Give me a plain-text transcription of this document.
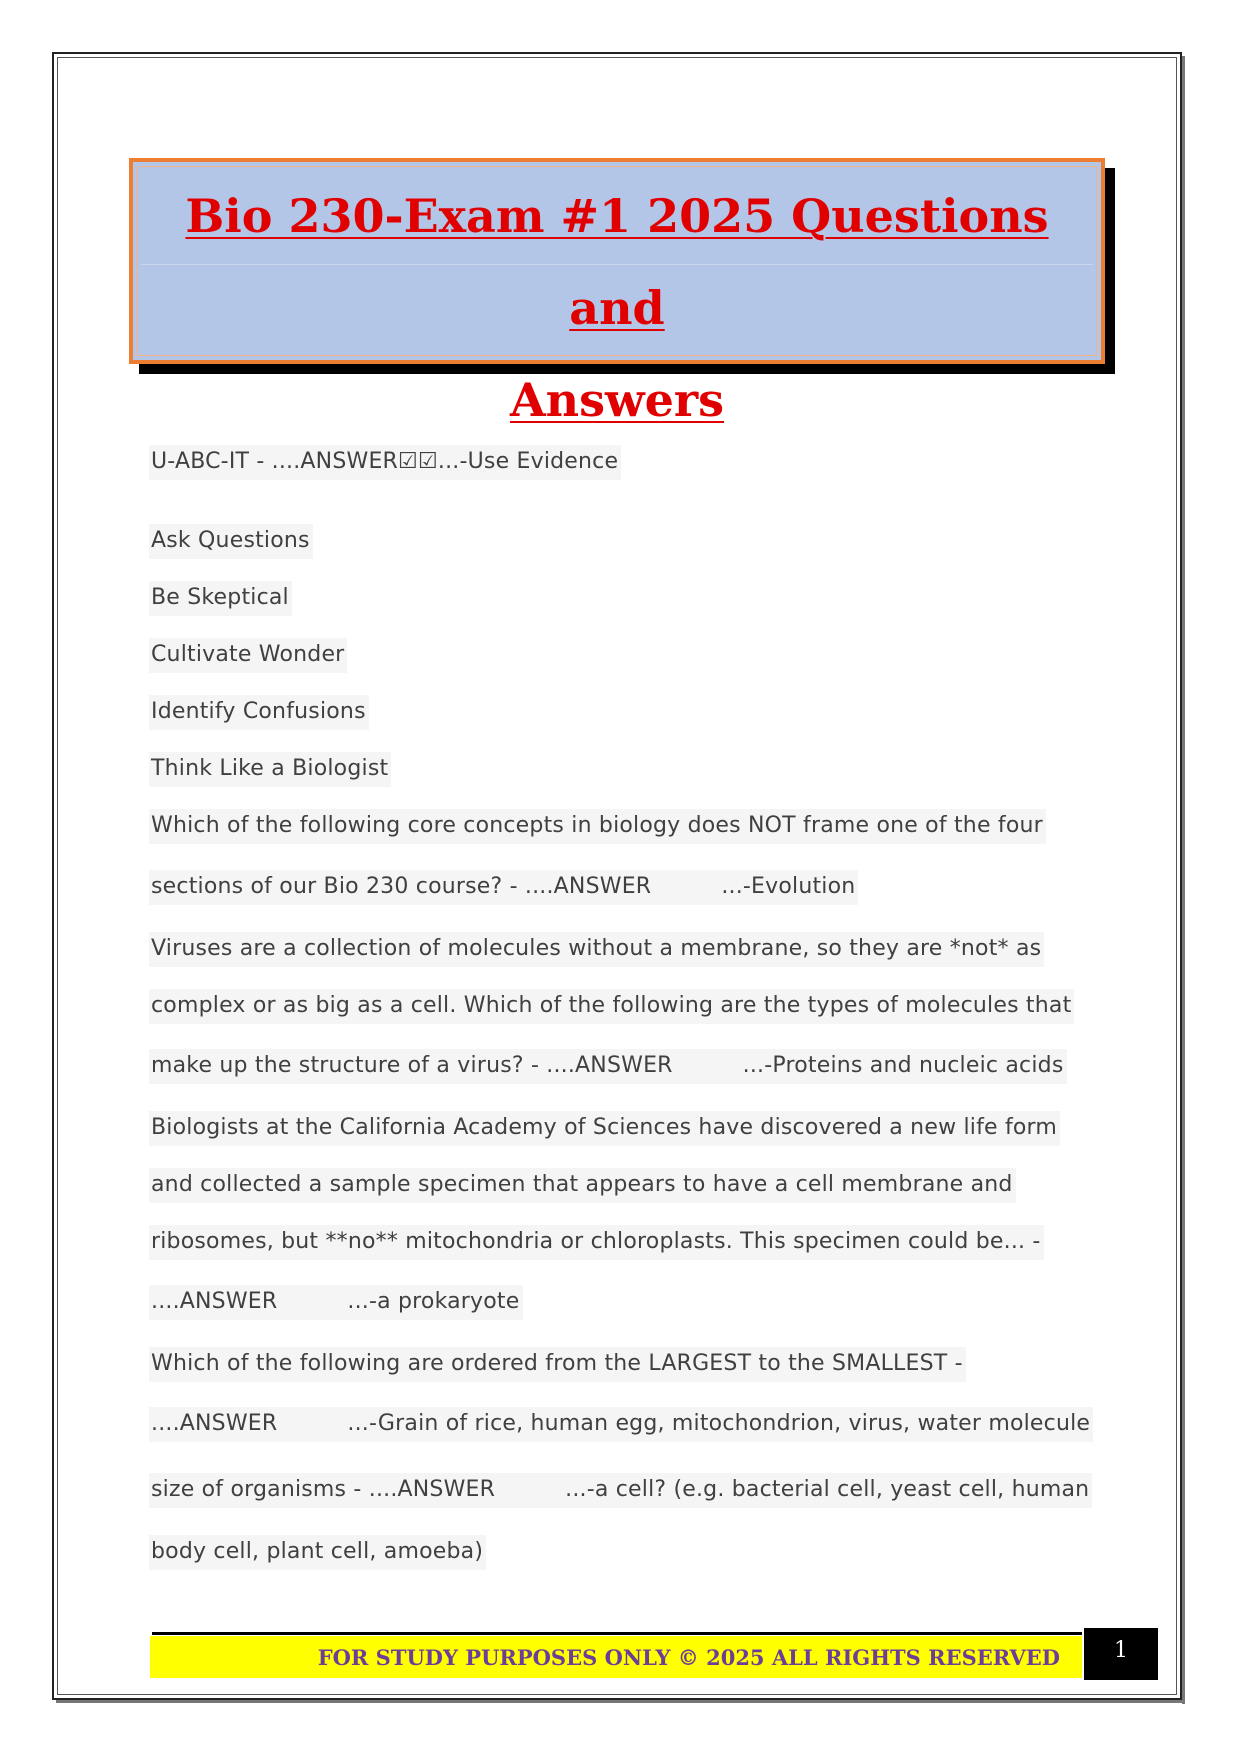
Bio 230-Exam #1 2025 Questions and
Answers
U-ABC-IT - ....ANSWER☑☑...-Use Evidence
Ask Questions
Be Skeptical
Cultivate Wonder
Identify Confusions
Think Like a Biologist
Which of the following core concepts in biology does NOT frame one of the four
sections of our Bio 230 course? - ....ANSWER	...-Evolution
Viruses are a collection of molecules without a membrane, so they are *not* as
complex or as big as a cell. Which of the following are the types of molecules that
make up the structure of a virus? - ....ANSWER	...-Proteins and nucleic acids
Biologists at the California Academy of Sciences have discovered a new life form
and collected a sample specimen that appears to have a cell membrane and
ribosomes, but **no** mitochondria or chloroplasts. This specimen could be... -
....ANSWER	...-a prokaryote
Which of the following are ordered from the LARGEST to the SMALLEST -
....ANSWER	...-Grain of rice, human egg, mitochondrion, virus, water molecule
size of organisms - ....ANSWER	...-a cell? (e.g. bacterial cell, yeast cell, human
body cell, plant cell, amoeba)
FOR STUDY PURPOSES ONLY © 2025 ALL RIGHTS RESERVED	1
